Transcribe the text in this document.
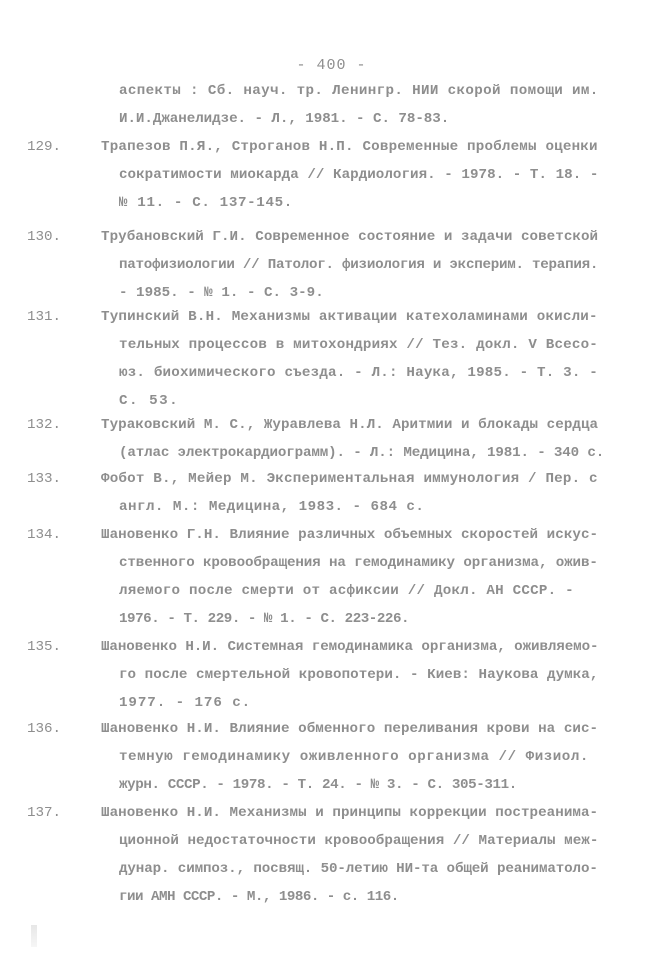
- 400 -
аспекты : Сб. науч. тр. Ленингр. НИИ скорой помощи им.
И.И.Джанелидзе. - Л., 1981. - С. 78-83.
129.	Трапезов П.Я., Строганов Н.П. Современные проблемы оценки
сократимости миокарда // Кардиология. - 1978. - Т. 18. -
№ 11. - С. 137-145.
130.	Трубановский Г.И. Современное состояние и задачи советской
патофизиологии // Патолог. физиология и эксперим. терапия.
- 1985. - № 1. - С. 3-9.
131.	Тупинский В.Н. Механизмы активации катехоламинами окисли-
тельных процессов в митохондриях // Тез. докл. V Всесо-
юз. биохимического съезда. - Л.: Наука, 1985. - Т. 3. -
С. 53.
132.	Тураковский М. С., Журавлева Н.Л. Аритмии и блокады сердца
(атлас электрокардиограмм). - Л.: Медицина, 1981. - 340 с.
133.	Фобот В., Мейер М. Экспериментальная иммунология / Пер. с
англ. М.: Медицина, 1983. - 684 с.
134.	Шановенко Г.Н. Влияние различных объемных скоростей искус-
ственного кровообращения на гемодинамику организма, ожив-
ляемого после смерти от асфиксии // Докл. АН СССР. -
1976. - Т. 229. - № 1. - С. 223-226.
135.	Шановенко Н.И. Системная гемодинамика организма, оживляемо-
го после смертельной кровопотери. - Киев: Наукова думка,
1977. - 176 с.
136.	Шановенко Н.И. Влияние обменного переливания крови на сис-
темную гемодинамику оживленного организма // Физиол.
журн. СССР. - 1978. - Т. 24. - № 3. - С. 305-311.
137.	Шановенко Н.И. Механизмы и принципы коррекции постреанима-
ционной недостаточности кровообращения // Материалы меж-
дунар. симпоз., посвящ. 50-летию НИ-та общей реаниматоло-
гии АМН СССР. - М., 1986. - с. 116.
